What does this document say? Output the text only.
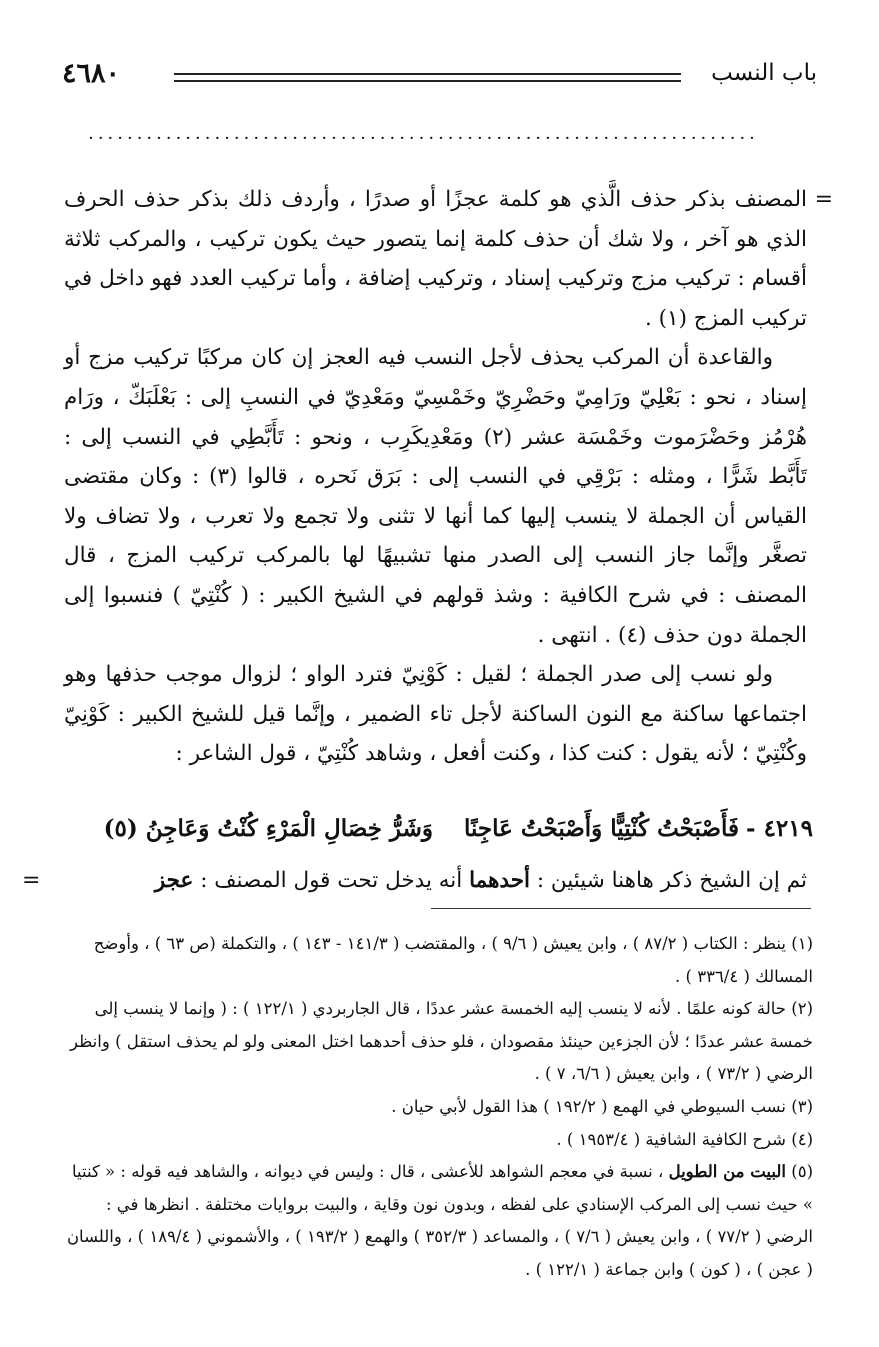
٤٦٨٠	باب النسب
·····································································
=

المصنف بذكر حذف الَّذي هو كلمة عجزًا أو صدرًا ، وأردف ذلك بذكر حذف الحرف الذي هو آخر ، ولا شك أن حذف كلمة إنما يتصور حيث يكون تركيب ، والمركب ثلاثة أقسام : تركيب مزج وتركيب إسناد ، وتركيب إضافة ، وأما تركيب العدد فهو داخل في تركيب المزج (١) .

والقاعدة أن المركب يحذف لأجل النسب فيه العجز إن كان مركبًا تركيب مزج أو إسناد ، نحو : بَعْلِيّ ورَامِيّ وحَضْرِيّ وخَمْسِيّ ومَعْدِيّ في النسبِ إلى : بَعْلَبَكّ ، ورَام هُرْمُز وحَضْرَموت وخَمْسَة عشر (٢) ومَعْدِيكَرِب ، ونحو : تَأَبَّطِي في النسب إلى : تَأَبَّط شَرًّا ، ومثله : بَرْقِي في النسب إلى : بَرَق نَحره ، قالوا (٣) : وكان مقتضى القياس أن الجملة لا ينسب إليها كما أنها لا تثنى ولا تجمع ولا تعرب ، ولا تضاف ولا تصغَّر وإنَّما جاز النسب إلى الصدر منها تشبيهًا لها بالمركب تركيب المزج ، قال المصنف : في شرح الكافية : وشذ قولهم في الشيخ الكبير : ( كُنْتِيّ ) فنسبوا إلى الجملة دون حذف (٤) . انتهى .

ولو نسب إلى صدر الجملة ؛ لقيل : كَوْنِيّ فترد الواو ؛ لزوال موجب حذفها وهو اجتماعها ساكنة مع النون الساكنة لأجل تاء الضمير ، وإنَّما قيل للشيخ الكبير : كَوْنِيّ وكُنْتِيّ ؛ لأنه يقول : كنت كذا ، وكنت أفعل ، وشاهد كُنْتِيّ ، قول الشاعر :

٤٢١٩ -
فَأَصْبَحْتُ كُنْتِيًّا وَأَصْبَحْتُ عَاجِنًا
وَشَرُّ خِصَالِ الْمَرْءِ كُنْتُ وَعَاجِنُ (٥)
ثم إن الشيخ ذكر هاهنا شيئين : أحدهما أنه يدخل تحت قول المصنف : عجز
=

(١) ينظر : الكتاب ( ٨٧/٢ ) ، وابن يعيش ( ٩/٦ ) ، والمقتضب ( ١٤١/٣ - ١٤٣ ) ، والتكملة (ص ٦٣ ) ، وأوضح المسالك ( ٣٣٦/٤ ) .

(٢) حالة كونه علمًا . لأنه لا ينسب إليه الخمسة عشر عددًا ، قال الجاربردي ( ١٢٢/١ ) : ( وإنما لا ينسب إلى خمسة عشر عددًا ؛ لأن الجزءين حينئذ مقصودان ، فلو حذف أحدهما اختل المعنى ولو لم يحذف استقل ) وانظر الرضي ( ٧٣/٢ ) ، وابن يعيش ( ٦/٦، ٧ ) .

(٣) نسب السيوطي في الهمع ( ١٩٢/٢ ) هذا القول لأبي حيان .

(٤) شرح الكافية الشافية ( ١٩٥٣/٤ ) .

(٥) البيت من الطويل ، نسبة في معجم الشواهد للأعشى ، قال : وليس في ديوانه ، والشاهد فيه قوله : « كنتيا » حيث نسب إلى المركب الإسنادي على لفظه ، وبدون نون وقاية ، والبيت بروايات مختلفة . انظرها في : الرضي ( ٧٧/٢ ) ، وابن يعيش ( ٧/٦ ) ، والمساعد ( ٣٥٢/٣ ) والهمع ( ١٩٣/٢ ) ، والأشموني ( ١٨٩/٤ ) ، واللسان ( عجن ) ، ( كون ) وابن جماعة ( ١٢٢/١ ) .
